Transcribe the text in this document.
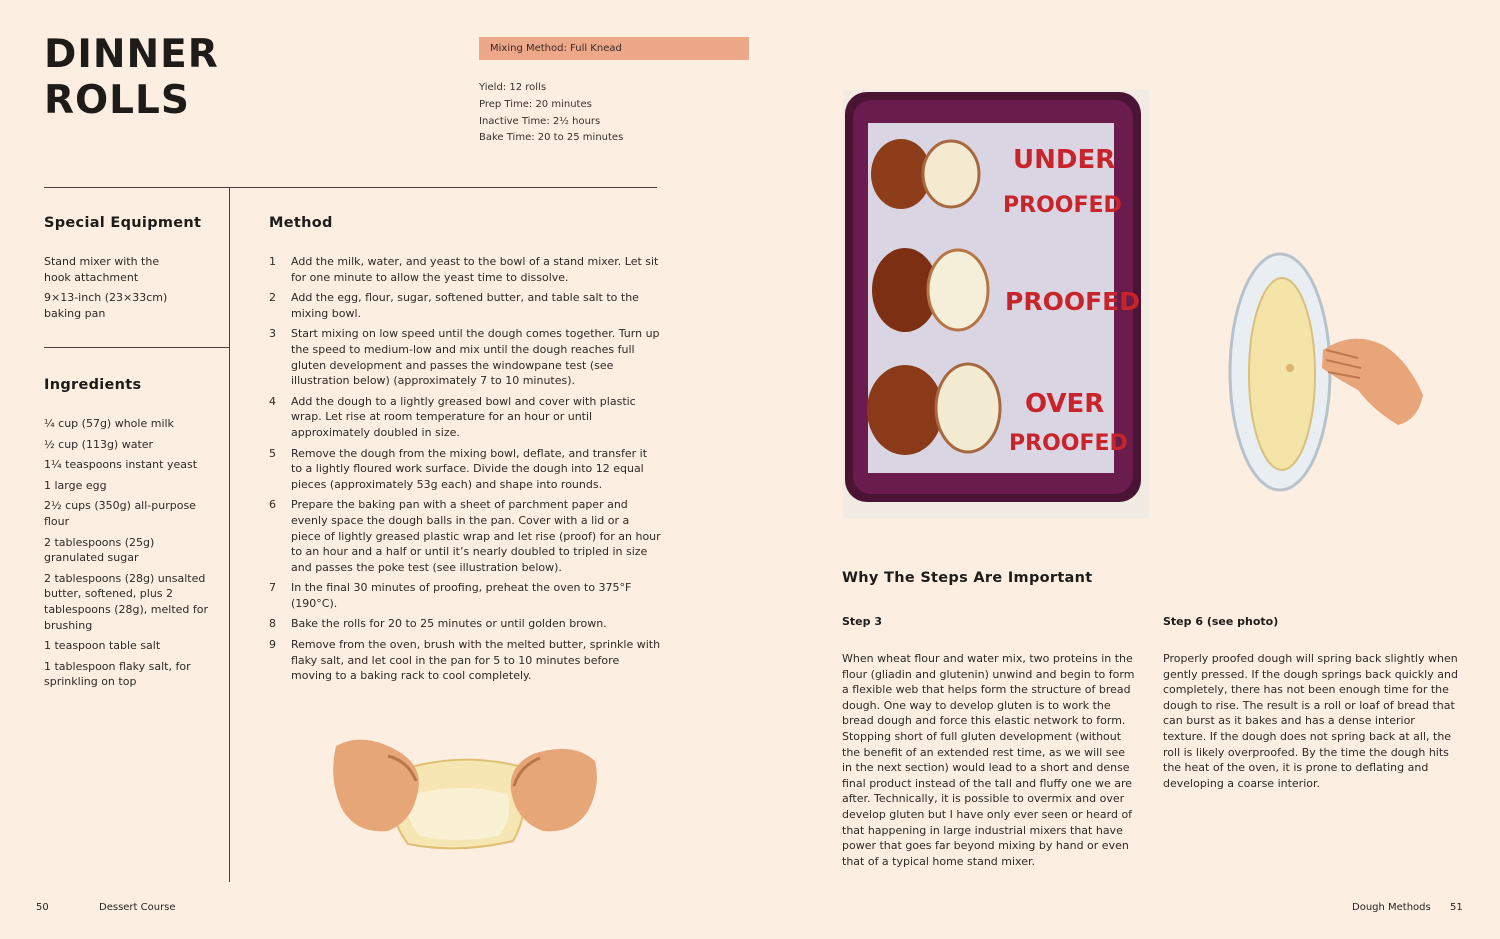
DINNER
ROLLS
Mixing Method: Full Knead
Yield: 12 rolls
Prep Time: 20 minutes
Inactive Time: 2½ hours
Bake Time: 20 to 25 minutes
Special Equipment
Stand mixer with the hook attachment
9×13-inch (23×33cm) baking pan
Ingredients
¼ cup (57g) whole milk
½ cup (113g) water
1¼ teaspoons instant yeast
1 large egg
2½ cups (350g) all-purpose flour
2 tablespoons (25g) granulated sugar
2 tablespoons (28g) unsalted butter, softened, plus 2 tablespoons (28g), melted for brushing
1 teaspoon table salt
1 tablespoon flaky salt, for sprinkling on top
Method
1	Add the milk, water, and yeast to the bowl of a stand mixer. Let sit for one minute to allow the yeast time to dissolve.
2	Add the egg, flour, sugar, softened butter, and table salt to the mixing bowl.
3	Start mixing on low speed until the dough comes together. Turn up the speed to medium-low and mix until the dough reaches full gluten development and passes the windowpane test (see illustration below) (approximately 7 to 10 minutes).
4	Add the dough to a lightly greased bowl and cover with plastic wrap. Let rise at room temperature for an hour or until approximately doubled in size.
5	Remove the dough from the mixing bowl, deflate, and transfer it to a lightly floured work surface. Divide the dough into 12 equal pieces (approximately 53g each) and shape into rounds.
6	Prepare the baking pan with a sheet of parchment paper and evenly space the dough balls in the pan. Cover with a lid or a piece of lightly greased plastic wrap and let rise (proof) for an hour to an hour and a half or until it’s nearly doubled to tripled in size and passes the poke test (see illustration below).
7	In the final 30 minutes of proofing, preheat the oven to 375°F (190°C).
8	Bake the rolls for 20 to 25 minutes or until golden brown.
9	Remove from the oven, brush with the melted butter, sprinkle with flaky salt, and let cool in the pan for 5 to 10 minutes before moving to a baking rack to cool completely.
UNDER
PROOFED
PROOFED
OVER
PROOFED
Why The Steps Are Important
Step 3
When wheat flour and water mix, two proteins in the flour (gliadin and glutenin) unwind and begin to form a flexible web that helps form the structure of bread dough. One way to develop gluten is to work the bread dough and force this elastic network to form. Stopping short of full gluten development (without the benefit of an extended rest time, as we will see in the next section) would lead to a short and dense final product instead of the tall and fluffy one we are after. Technically, it is possible to overmix and over develop gluten but I have only ever seen or heard of that happening in large industrial mixers that have power that goes far beyond mixing by hand or even that of a typical home stand mixer.
Step 6 (see photo)
Properly proofed dough will spring back slightly when gently pressed. If the dough springs back quickly and completely, there has not been enough time for the dough to rise. The result is a roll or loaf of bread that can burst as it bakes and has a dense interior texture. If the dough does not spring back at all, the roll is likely overproofed. By the time the dough hits the heat of the oven, it is prone to deflating and developing a coarse interior.
50	Dessert Course	Dough Methods 51
